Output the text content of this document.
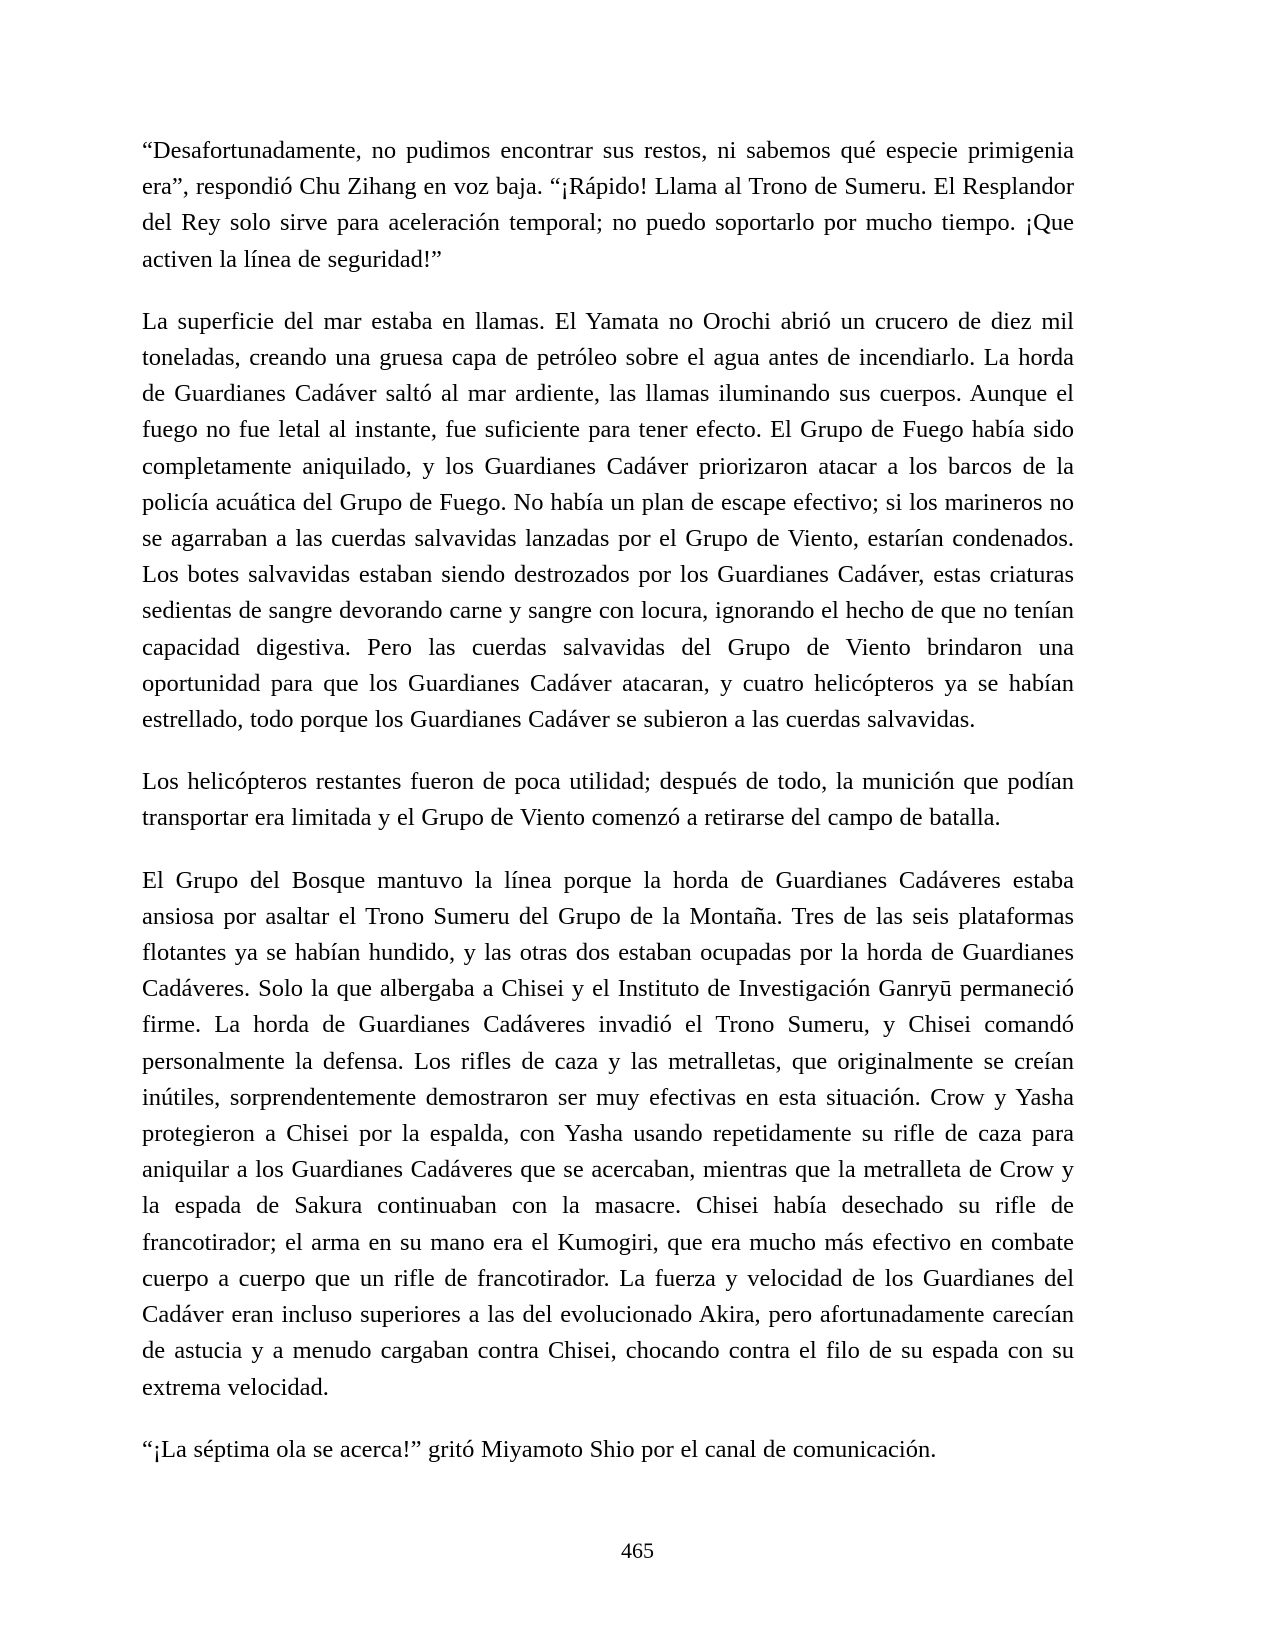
“Desafortunadamente, no pudimos encontrar sus restos, ni sabemos qué especie primigenia era”, respondió Chu Zihang en voz baja. “¡Rápido! Llama al Trono de Sumeru. El Resplandor del Rey solo sirve para aceleración temporal; no puedo soportarlo por mucho tiempo. ¡Que activen la línea de seguridad!”

La superficie del mar estaba en llamas. El Yamata no Orochi abrió un crucero de diez mil toneladas, creando una gruesa capa de petróleo sobre el agua antes de incendiarlo. La horda de Guardianes Cadáver saltó al mar ardiente, las llamas iluminando sus cuerpos. Aunque el fuego no fue letal al instante, fue suficiente para tener efecto. El Grupo de Fuego había sido completamente aniquilado, y los Guardianes Cadáver priorizaron atacar a los barcos de la policía acuática del Grupo de Fuego. No había un plan de escape efectivo; si los marineros no se agarraban a las cuerdas salvavidas lanzadas por el Grupo de Viento, estarían condenados. Los botes salvavidas estaban siendo destrozados por los Guardianes Cadáver, estas criaturas sedientas de sangre devorando carne y sangre con locura, ignorando el hecho de que no tenían capacidad digestiva. Pero las cuerdas salvavidas del Grupo de Viento brindaron una oportunidad para que los Guardianes Cadáver atacaran, y cuatro helicópteros ya se habían estrellado, todo porque los Guardianes Cadáver se subieron a las cuerdas salvavidas.

Los helicópteros restantes fueron de poca utilidad; después de todo, la munición que podían transportar era limitada y el Grupo de Viento comenzó a retirarse del campo de batalla.

El Grupo del Bosque mantuvo la línea porque la horda de Guardianes Cadáveres estaba ansiosa por asaltar el Trono Sumeru del Grupo de la Montaña. Tres de las seis plataformas flotantes ya se habían hundido, y las otras dos estaban ocupadas por la horda de Guardianes Cadáveres. Solo la que albergaba a Chisei y el Instituto de Investigación Ganryū permaneció firme. La horda de Guardianes Cadáveres invadió el Trono Sumeru, y Chisei comandó personalmente la defensa. Los rifles de caza y las metralletas, que originalmente se creían inútiles, sorprendentemente demostraron ser muy efectivas en esta situación. Crow y Yasha protegieron a Chisei por la espalda, con Yasha usando repetidamente su rifle de caza para aniquilar a los Guardianes Cadáveres que se acercaban, mientras que la metralleta de Crow y la espada de Sakura continuaban con la masacre. Chisei había desechado su rifle de francotirador; el arma en su mano era el Kumogiri, que era mucho más efectivo en combate cuerpo a cuerpo que un rifle de francotirador. La fuerza y velocidad de los Guardianes del Cadáver eran incluso superiores a las del evolucionado Akira, pero afortunadamente carecían de astucia y a menudo cargaban contra Chisei, chocando contra el filo de su espada con su extrema velocidad.

“¡La séptima ola se acerca!” gritó Miyamoto Shio por el canal de comunicación.

465
